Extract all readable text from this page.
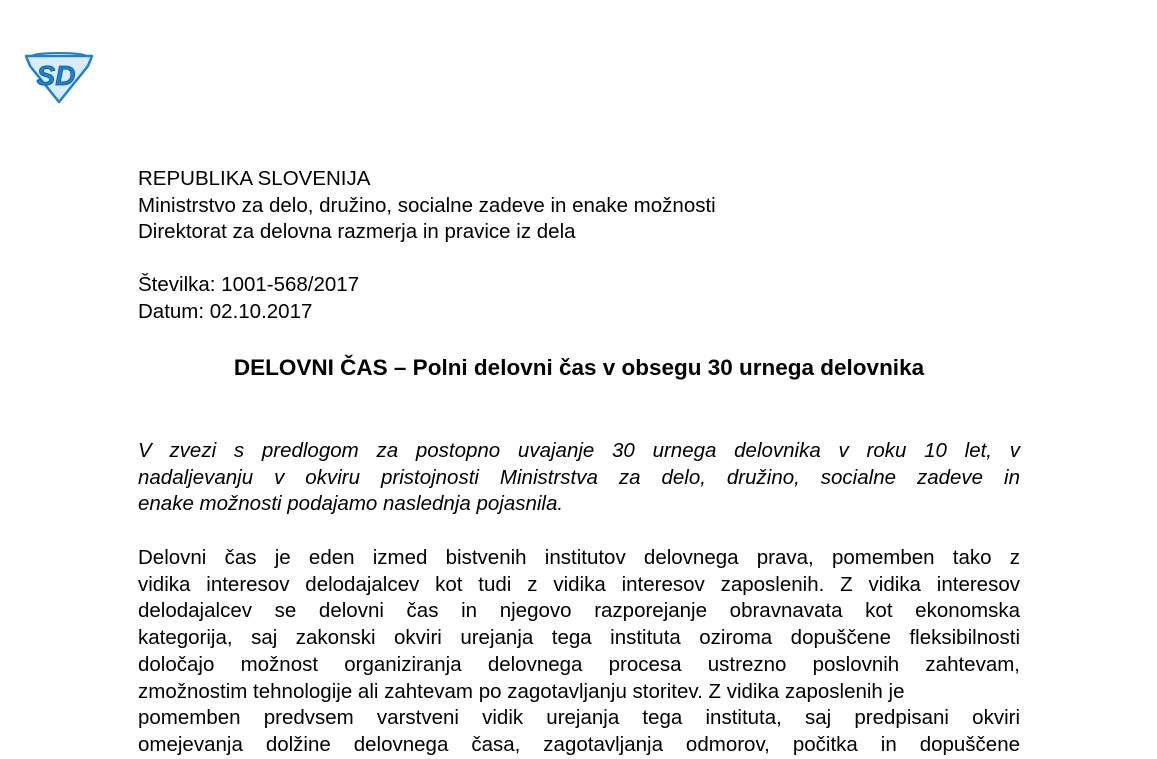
SD
REPUBLIKA SLOVENIJA
Ministrstvo za delo, družino, socialne zadeve in enake možnosti
Direktorat za delovna razmerja in pravice iz dela
Številka: 1001-568/2017
Datum: 02.10.2017
DELOVNI ČAS – Polni delovni čas v obsegu 30 urnega delovnika
V zvezi s predlogom za postopno uvajanje 30 urnega delovnika v roku 10 let, v
nadaljevanju v okviru pristojnosti Ministrstva za delo, družino, socialne zadeve in
enake možnosti podajamo naslednja pojasnila.
Delovni čas je eden izmed bistvenih institutov delovnega prava, pomemben tako z
vidika interesov delodajalcev kot tudi z vidika interesov zaposlenih. Z vidika interesov
delodajalcev se delovni čas in njegovo razporejanje obravnavata kot ekonomska
kategorija, saj zakonski okviri urejanja tega instituta oziroma dopuščene fleksibilnosti
določajo možnost organiziranja delovnega procesa ustrezno poslovnih zahtevam,
zmožnostim tehnologije ali zahtevam po zagotavljanju storitev. Z vidika zaposlenih je
pomemben predvsem varstveni vidik urejanja tega instituta, saj predpisani okviri
omejevanja dolžine delovnega časa, zagotavljanja odmorov, počitka in dopuščene
